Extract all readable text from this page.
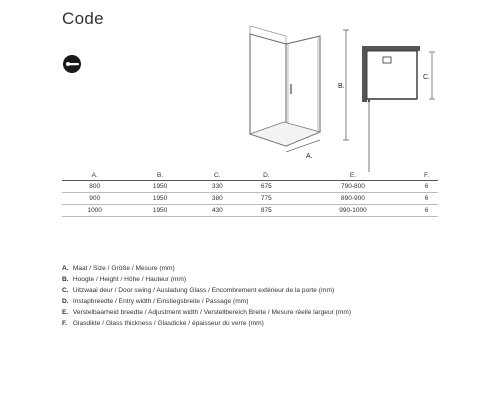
Code
B.
A.
C.
A.	B.	C.	D.	E.	F.
800	1950	330	675	790-800	6
900	1950	380	775	890-900	6
1000	1950	430	875	990-1000	6
A. Maat / Size / Größe / Mesure (mm)
B. Hoogte / Height / Höhe / Hauteur (mm)
C. Uitzwaai deur / Door swing / Ausladung Glass / Encombrement extérieur de la porte (mm)
D. Instapbreedte / Entry width / Einstiegsbreite / Passage (mm)
E. Verstelbaarheid breedte / Adjustment width / Verstellbereich Breite / Mesure réelle largeur (mm)
F. Glasdikte / Glass thickness / Glasdicke / épaisseur du verre (mm)
